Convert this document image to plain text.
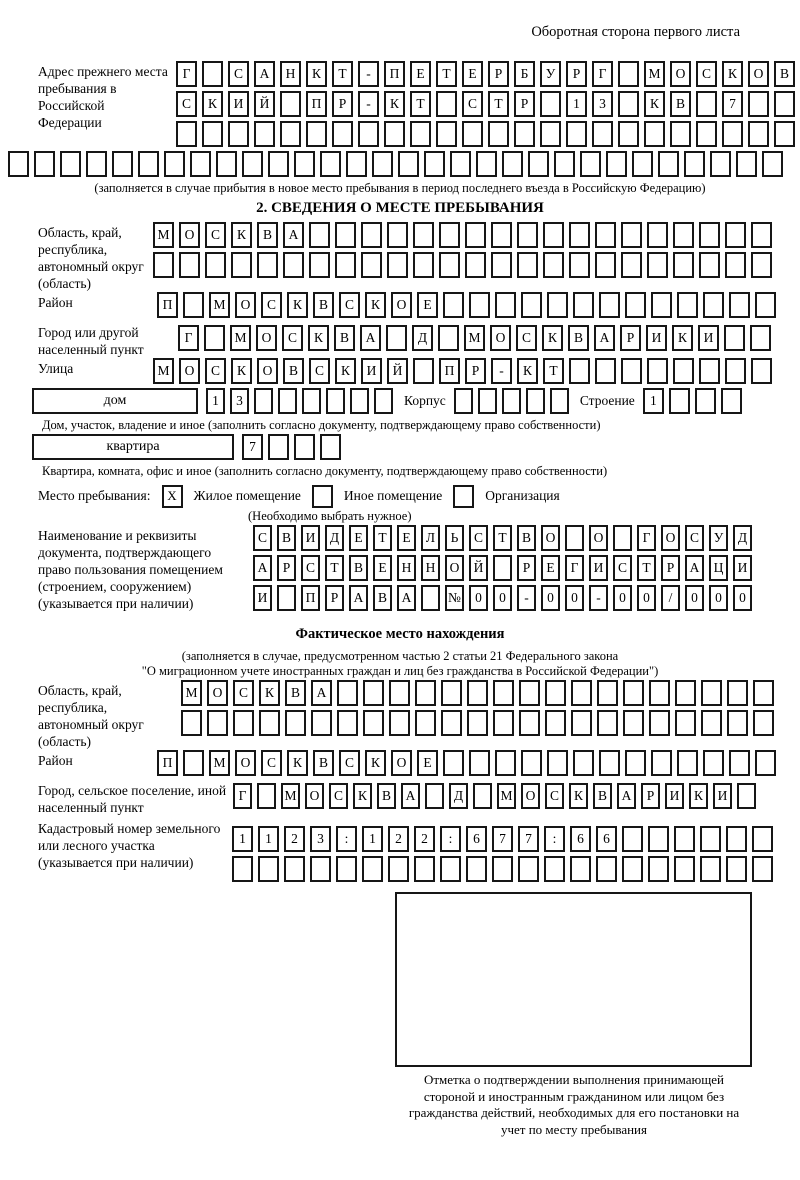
Оборотная сторона первого листа
Адрес прежнего места пребывания в Российской Федерации
Г	С	А	Н	К	Т	-	П	Е	Т	Е	Р	Б	У	Р	Г	М	О	С	К	О	В
С	К	И	Й	П	Р	-	К	Т	С	Т	Р	1	3	К	В	7
(заполняется в случае прибытия в новое место пребывания в период последнего въезда в Российскую Федерацию)
2. СВЕДЕНИЯ О МЕСТЕ ПРЕБЫВАНИЯ
Область, край, республика, автономный округ (область)
М	О	С	К	В	А
Район	П	М	О	С	К	В	С	К	О	Е
Город или другой населенный пункт
Г	М	О	С	К	В	А	Д	М	О	С	К	В	А	Р	И	К	И
Улица	М	О	С	К	О	В	С	К	И	Й	П	Р	-	К	Т
дом	1	3	Корпус	Строение	1
Дом, участок, владение и иное (заполнить согласно документу, подтверждающему право собственности)
квартира	7
Квартира, комната, офис и иное (заполнить согласно документу, подтверждающему право собственности)
Место пребывания:	X	Жилое помещение	Иное помещение	Организация
(Необходимо выбрать нужное)
Наименование и реквизиты документа, подтверждающего право пользования помещением (строением, сооружением) (указывается при наличии)
С	В	И	Д	Е	Т	Е	Л	Ь	С	Т	В	О	О	Г	О	С	У	Д
А	Р	С	Т	В	Е	Н	Н	О	Й	Р	Е	Г	И	С	Т	Р	А	Ц	И
И	П	Р	А	В	А	№	0	0	-	0	0	-	0	0	/	0	0	0
Фактическое место нахождения
(заполняется в случае, предусмотренном частью 2 статьи 21 Федерального закона
"О миграционном учете иностранных граждан и лиц без гражданства в Российской Федерации")
Область, край, республика, автономный округ (область)
М	О	С	К	В	А
Район	П	М	О	С	К	В	С	К	О	Е
Город, сельское поселение, иной населенный пункт
Г	М О	С	К	В	А	Д	М О	С	К	В	А	Р	И	К	И
Кадастровый номер земельного или лесного участка (указывается при наличии)
1	1	2	3	:	1	2	2	:	6	7	7	:	6	6
Отметка о подтверждении выполнения принимающей стороной и иностранным гражданином или лицом без гражданства действий, необходимых для его постановки на учет по месту пребывания
